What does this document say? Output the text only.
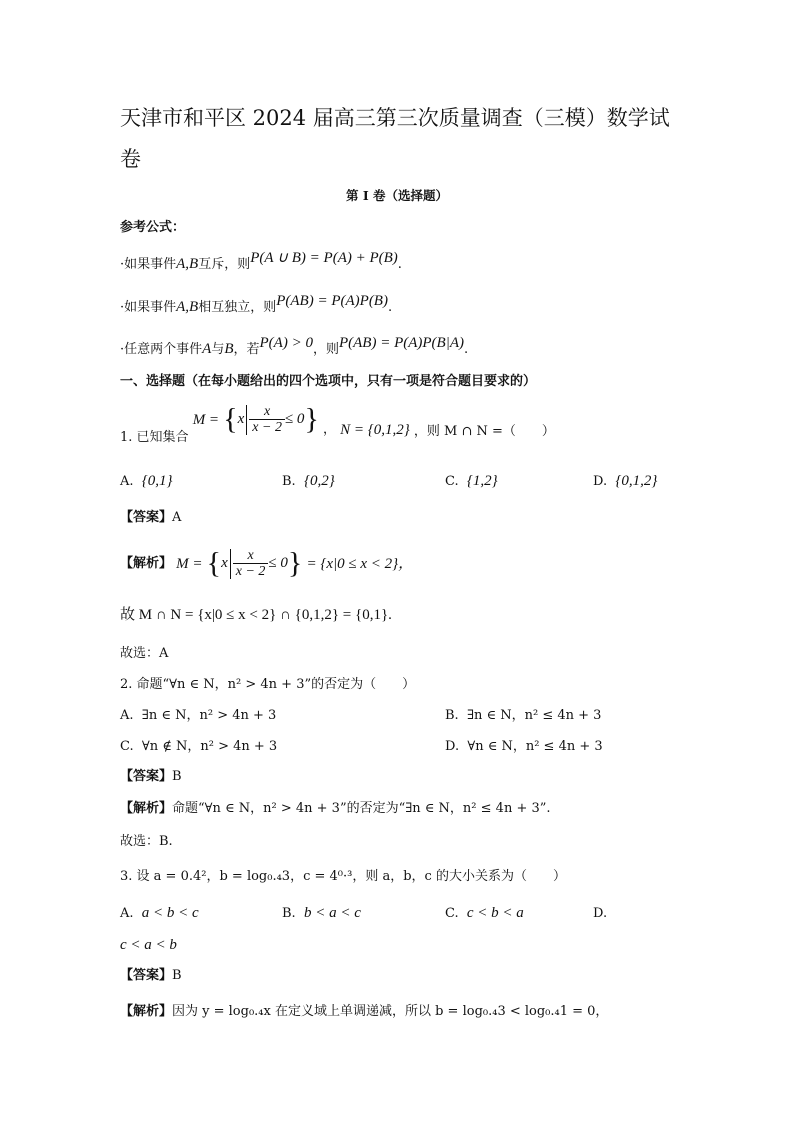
天津市和平区 2024 届高三第三次质量调查（三模）数学试
卷
第 I 卷（选择题）
参考公式：
·如果事件A,B互斥，则P(A ∪ B) = P(A) + P(B).
·如果事件A,B相互独立，则P(AB) = P(A)P(B).
·任意两个事件A与B，若P(A) > 0，则P(AB) = P(A)P(B|A).
一、选择题（在每小题给出的四个选项中，只有一项是符合题目要求的）
1. 已知集合 $M = \{x \frac{x}{x - 2} \le 0\}$ ， N = {0,1,2} ，则 M ∩ N =（　　）
A. {0,1}	B. {0,2}	C. {1,2}	D. {0,1,2}
【答案】A
【解析】 $M = \{x \frac{x}{x - 2} \le 0\} = \{x|0 \le x < 2\}$，
故 M ∩ N = {x|0 ≤ x < 2} ∩ {0,1,2} = {0,1}.
故选：A
2. 命题“∀n ∈ N，n² > 4n + 3”的否定为（　　）
A. ∃n ∈ N，n² > 4n + 3	B. ∃n ∈ N，n² ≤ 4n + 3
C. ∀n ∉ N，n² > 4n + 3	D. ∀n ∈ N，n² ≤ 4n + 3
【答案】B
【解析】命题“∀n ∈ N，n² > 4n + 3”的否定为“∃n ∈ N，n² ≤ 4n + 3”.
故选：B.
3. 设 a = 0.4²，b = log₀.₄3，c = 4⁰·³，则 a，b，c 的大小关系为（　　）
A. a < b < c	B. b < a < c	C. c < b < a	D.
c < a < b
【答案】B
【解析】因为 y = log₀.₄x 在定义域上单调递减，所以 b = log₀.₄3 < log₀.₄1 = 0，
